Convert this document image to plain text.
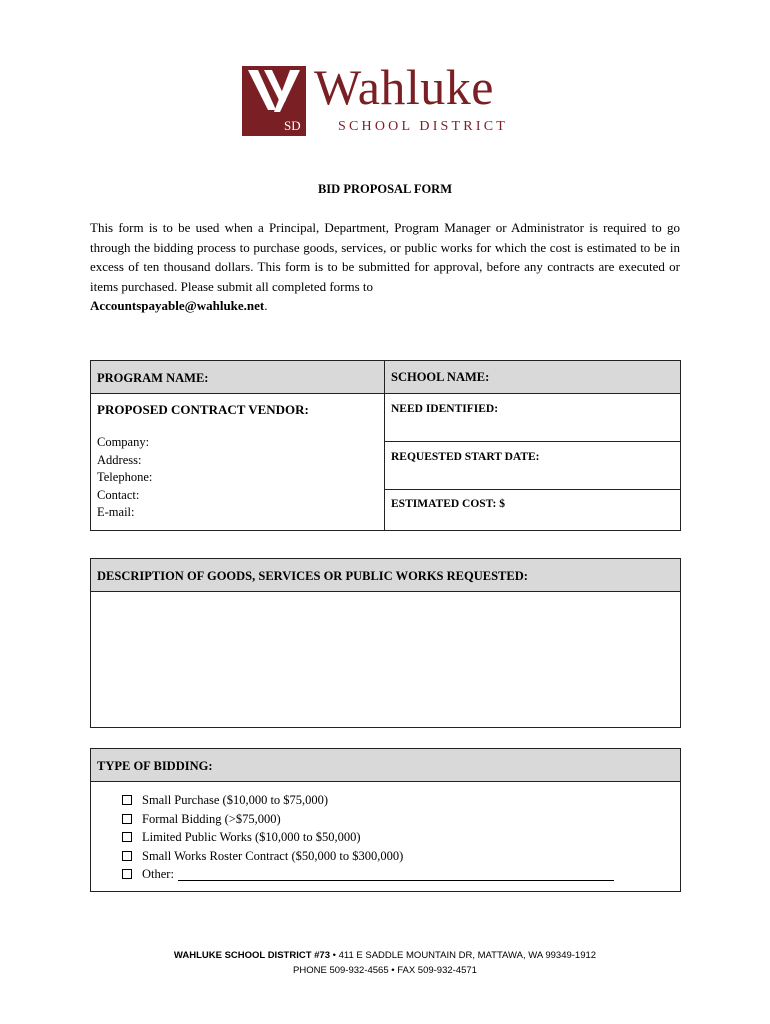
SD
Wahluke
SCHOOL DISTRICT
BID PROPOSAL FORM
This form is to be used when a Principal, Department, Program Manager or Administrator is required to go through the bidding process to purchase goods, services, or public works for which the cost is estimated to be in excess of ten thousand dollars. This form is to be submitted for approval, before any contracts are executed or items purchased. Please submit all completed forms to
Accountspayable@wahluke.net.
PROGRAM NAME:	SCHOOL NAME:
PROPOSED CONTRACT VENDOR:
Company:
Address:
Telephone:
Contact:
E-mail:
NEED IDENTIFIED:
REQUESTED START DATE:
ESTIMATED COST: $
DESCRIPTION OF GOODS, SERVICES OR PUBLIC WORKS REQUESTED:
TYPE OF BIDDING:
Small Purchase ($10,000 to $75,000)
Formal Bidding (>$75,000)
Limited Public Works ($10,000 to $50,000)
Small Works Roster Contract ($50,000 to $300,000)
Other:
WAHLUKE SCHOOL DISTRICT #73 • 411 E SADDLE MOUNTAIN DR, MATTAWA, WA 99349-1912
PHONE 509-932-4565 • FAX 509-932-4571
